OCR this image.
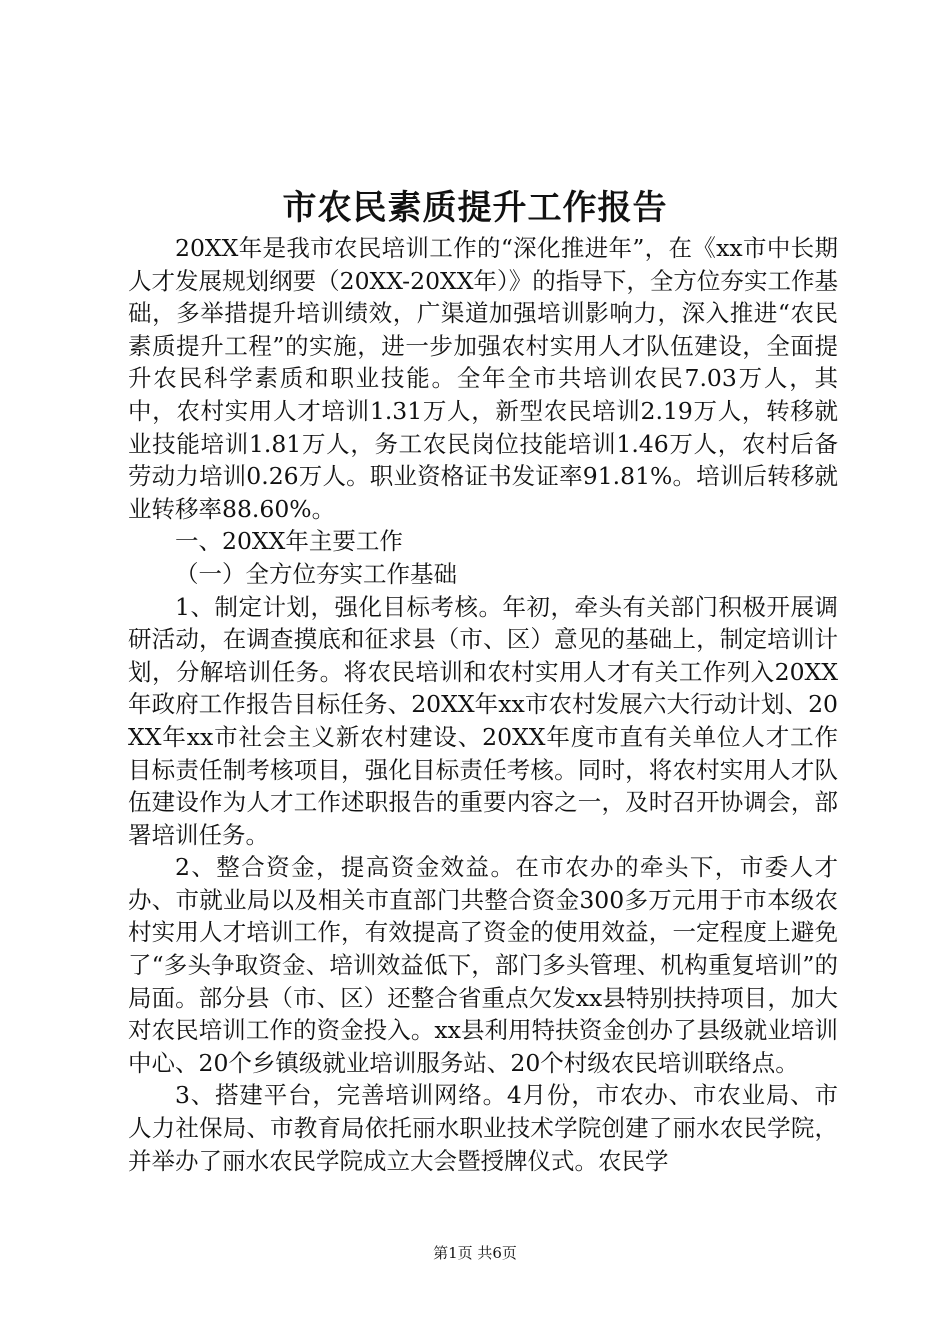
市农民素质提升工作报告

20XX年是我市农民培训工作的“深化推进年”，在《xx市中长期人才发展规划纲要（20XX-20XX年）》的指导下，全方位夯实工作基础，多举措提升培训绩效，广渠道加强培训影响力，深入推进“农民素质提升工程”的实施，进一步加强农村实用人才队伍建设，全面提升农民科学素质和职业技能。全年全市共培训农民7.03万人，其中，农村实用人才培训1.31万人，新型农民培训2.19万人，转移就业技能培训1.81万人，务工农民岗位技能培训1.46万人，农村后备劳动力培训0.26万人。职业资格证书发证率91.81%。培训后转移就业转移率88.60%。

一、20XX年主要工作

（一）全方位夯实工作基础

1、制定计划，强化目标考核。年初，牵头有关部门积极开展调研活动，在调查摸底和征求县（市、区）意见的基础上，制定培训计划，分解培训任务。将农民培训和农村实用人才有关工作列入20XX年政府工作报告目标任务、20XX年xx市农村发展六大行动计划、20XX年xx市社会主义新农村建设、20XX年度市直有关单位人才工作目标责任制考核项目，强化目标责任考核。同时，将农村实用人才队伍建设作为人才工作述职报告的重要内容之一，及时召开协调会，部署培训任务。

2、整合资金，提高资金效益。在市农办的牵头下，市委人才办、市就业局以及相关市直部门共整合资金300多万元用于市本级农村实用人才培训工作，有效提高了资金的使用效益，一定程度上避免了“多头争取资金、培训效益低下，部门多头管理、机构重复培训”的局面。部分县（市、区）还整合省重点欠发xx县特别扶持项目，加大对农民培训工作的资金投入。xx县利用特扶资金创办了县级就业培训中心、20个乡镇级就业培训服务站、20个村级农民培训联络点。

3、搭建平台，完善培训网络。4月份，市农办、市农业局、市人力社保局、市教育局依托丽水职业技术学院创建了丽水农民学院，并举办了丽水农民学院成立大会暨授牌仪式。农民学

第1页 共6页
